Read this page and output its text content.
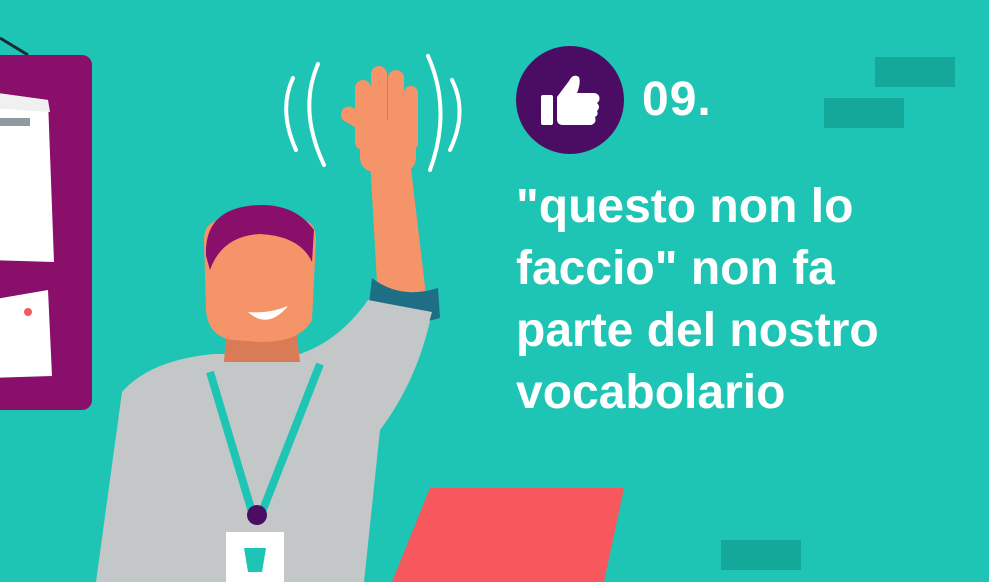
09.
"questo non lo
faccio" non fa
parte del nostro
vocabolario
